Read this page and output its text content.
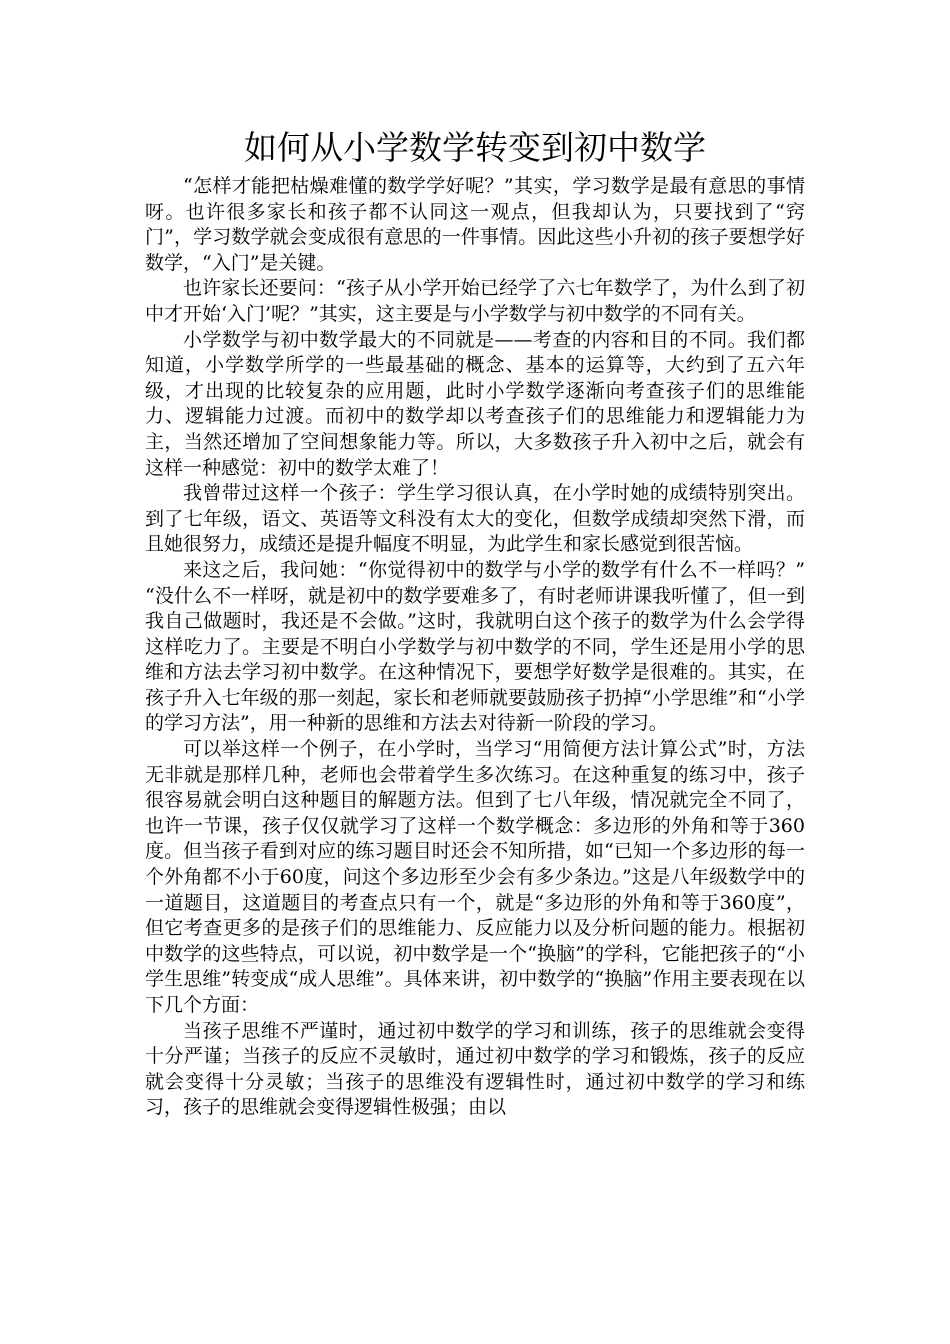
如何从小学数学转变到初中数学

“怎样才能把枯燥难懂的数学学好呢？”其实，学习数学是最有意思的事情呀。也许很多家长和孩子都不认同这一观点，但我却认为，只要找到了“窍门”，学习数学就会变成很有意思的一件事情。因此这些小升初的孩子要想学好数学，“入门”是关键。

也许家长还要问：“孩子从小学开始已经学了六七年数学了，为什么到了初中才开始‘入门’呢？”其实，这主要是与小学数学与初中数学的不同有关。

小学数学与初中数学最大的不同就是——考查的内容和目的不同。我们都知道，小学数学所学的一些最基础的概念、基本的运算等，大约到了五六年级，才出现的比较复杂的应用题，此时小学数学逐渐向考查孩子们的思维能力、逻辑能力过渡。而初中的数学却以考查孩子们的思维能力和逻辑能力为主，当然还增加了空间想象能力等。所以，大多数孩子升入初中之后，就会有这样一种感觉：初中的数学太难了！

我曾带过这样一个孩子：学生学习很认真，在小学时她的成绩特别突出。到了七年级，语文、英语等文科没有太大的变化，但数学成绩却突然下滑，而且她很努力，成绩还是提升幅度不明显，为此学生和家长感觉到很苦恼。

来这之后，我问她：“你觉得初中的数学与小学的数学有什么不一样吗？” “没什么不一样呀，就是初中的数学要难多了，有时老师讲课我听懂了，但一到我自己做题时，我还是不会做。”这时，我就明白这个孩子的数学为什么会学得这样吃力了。主要是不明白小学数学与初中数学的不同，学生还是用小学的思维和方法去学习初中数学。在这种情况下，要想学好数学是很难的。其实，在孩子升入七年级的那一刻起，家长和老师就要鼓励孩子扔掉“小学思维”和“小学的学习方法”，用一种新的思维和方法去对待新一阶段的学习。

可以举这样一个例子，在小学时，当学习“用简便方法计算公式”时，方法无非就是那样几种，老师也会带着学生多次练习。在这种重复的练习中，孩子很容易就会明白这种题目的解题方法。但到了七八年级，情况就完全不同了，也许一节课，孩子仅仅就学习了这样一个数学概念：多边形的外角和等于360度。但当孩子看到对应的练习题目时还会不知所措，如“已知一个多边形的每一个外角都不小于60度，问这个多边形至少会有多少条边。”这是八年级数学中的一道题目，这道题目的考查点只有一个，就是“多边形的外角和等于360度”，但它考查更多的是孩子们的思维能力、反应能力以及分析问题的能力。根据初中数学的这些特点，可以说，初中数学是一个“换脑”的学科，它能把孩子的“小学生思维”转变成“成人思维”。具体来讲，初中数学的“换脑”作用主要表现在以下几个方面：

当孩子思维不严谨时，通过初中数学的学习和训练，孩子的思维就会变得十分严谨；当孩子的反应不灵敏时，通过初中数学的学习和锻炼，孩子的反应就会变得十分灵敏；当孩子的思维没有逻辑性时，通过初中数学的学习和练习，孩子的思维就会变得逻辑性极强；由以
